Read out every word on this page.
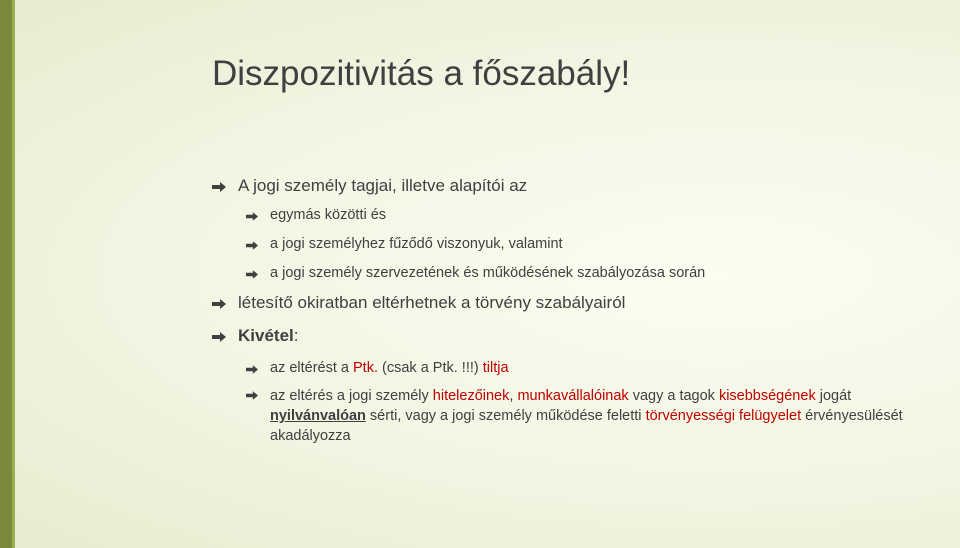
Diszpozitivitás a főszabály!
A jogi személy tagjai, illetve alapítói az
egymás közötti és
a jogi személyhez fűződő viszonyuk, valamint
a jogi személy szervezetének és működésének szabályozása során
létesítő okiratban eltérhetnek a törvény szabályairól
Kivétel:
az eltérést a Ptk. (csak a Ptk. !!!) tiltja
az eltérés a jogi személy hitelezőinek, munkavállalóinak vagy a tagok kisebbségének jogát nyilvánvalóan sérti, vagy a jogi személy működése feletti törvényességi felügyelet érvényesülését akadályozza
